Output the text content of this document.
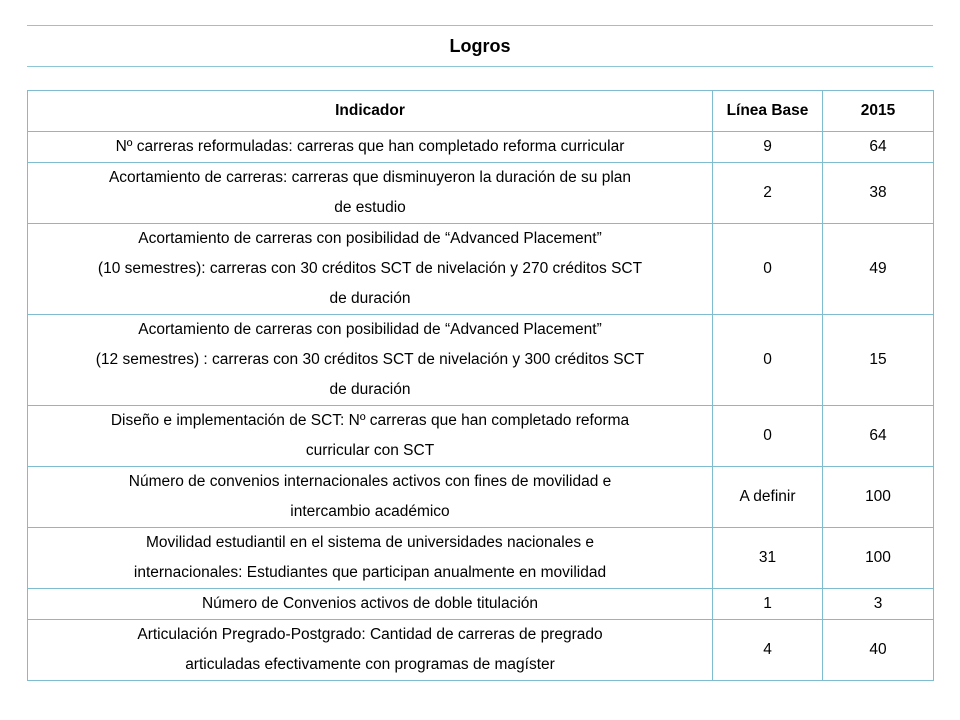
Logros
Indicador	Línea Base	2015
Nº carreras reformuladas: carreras que han completado reforma curricular	9	64
Acortamiento de carreras: carreras que disminuyeron la duración de su plan
de estudio	2	38
Acortamiento de carreras con posibilidad de “Advanced Placement”
(10 semestres): carreras con 30 créditos SCT de nivelación y 270 créditos SCT
de duración	0	49
Acortamiento de carreras con posibilidad de “Advanced Placement”
(12 semestres) : carreras con 30 créditos SCT de nivelación y 300 créditos SCT
de duración	0	15
Diseño e implementación de SCT: Nº carreras que han completado reforma
curricular con SCT	0	64
Número de convenios internacionales activos con fines de movilidad e
intercambio académico	A definir	100
Movilidad estudiantil en el sistema de universidades nacionales e
internacionales: Estudiantes que participan anualmente en movilidad	31	100
Número de Convenios activos de doble titulación	1	3
Articulación Pregrado-Postgrado: Cantidad de carreras de pregrado
articuladas efectivamente con programas de magíster	4	40
